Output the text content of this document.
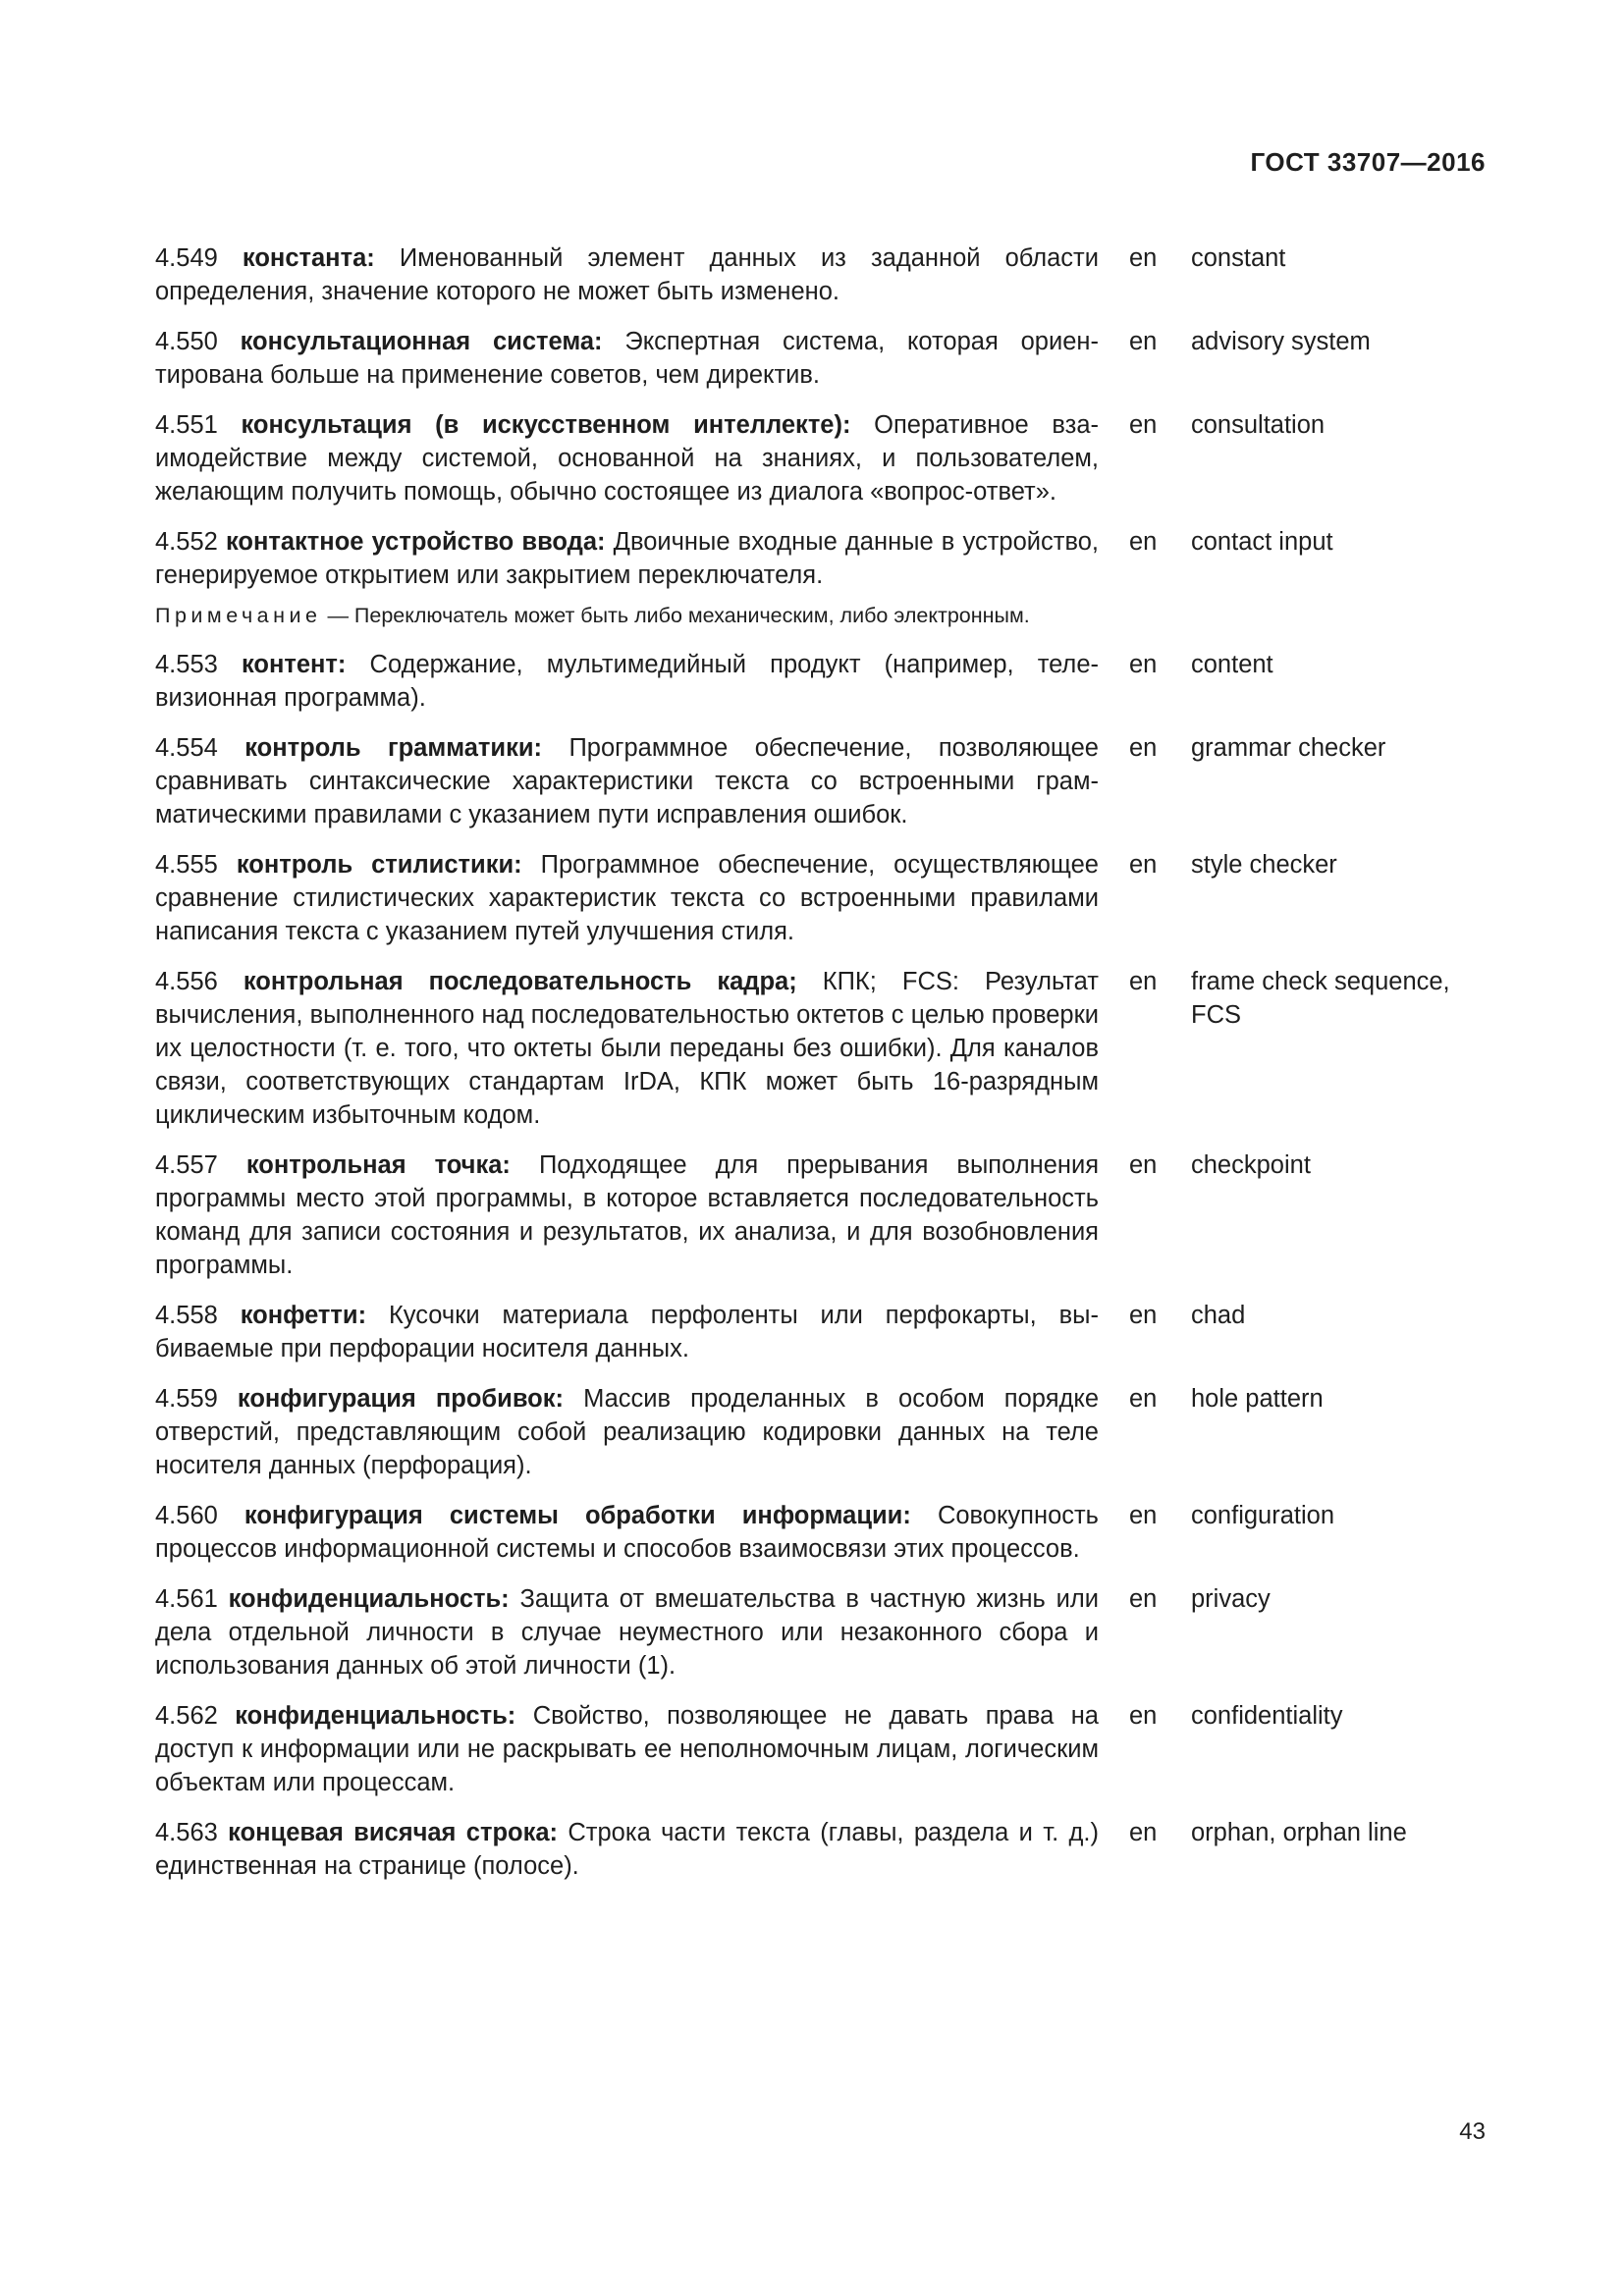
ГОСТ 33707—2016
4.549 константа: Именованный элемент данных из заданной области определения, значение которого не может быть изменено.
en constant
4.550 консультационная система: Экспертная система, которая ориентирована больше на применение советов, чем директив.
en advisory system
4.551 консультация (в искусственном интеллекте): Оперативное взаимодействие между системой, основанной на знаниях, и пользователем, желающим получить помощь, обычно состоящее из диалога «вопрос-ответ».
en consultation
4.552 контактное устройство ввода: Двоичные входные данные в устройство, генерируемое открытием или закрытием переключателя.
en contact input
Примечание — Переключатель может быть либо механическим, либо электронным.
4.553 контент: Содержание, мультимедийный продукт (например, телевизионная программа).
en content
4.554 контроль грамматики: Программное обеспечение, позволяющее сравнивать синтаксические характеристики текста со встроенными грамматическими правилами с указанием пути исправления ошибок.
en grammar checker
4.555 контроль стилистики: Программное обеспечение, осуществляющее сравнение стилистических характеристик текста со встроенными правилами написания текста с указанием путей улучшения стиля.
en style checker
4.556 контрольная последовательность кадра; КПК; FCS: Результат вычисления, выполненного над последовательностью октетов с целью проверки их целостности (т. е. того, что октеты были переданы без ошибки). Для каналов связи, соответствующих стандартам IrDA, КПК может быть 16-разрядным циклическим избыточным кодом.
en frame check sequence, FCS
4.557 контрольная точка: Подходящее для прерывания выполнения программы место этой программы, в которое вставляется последовательность команд для записи состояния и результатов, их анализа, и для возобновления программы.
en checkpoint
4.558 конфетти: Кусочки материала перфоленты или перфокарты, выбиваемые при перфорации носителя данных.
en chad
4.559 конфигурация пробивок: Массив проделанных в особом порядке отверстий, представляющим собой реализацию кодировки данных на теле носителя данных (перфорация).
en hole pattern
4.560 конфигурация системы обработки информации: Совокупность процессов информационной системы и способов взаимосвязи этих процессов.
en configuration
4.561 конфиденциальность: Защита от вмешательства в частную жизнь или дела отдельной личности в случае неуместного или незаконного сбора и использования данных об этой личности (1).
en privacy
4.562 конфиденциальность: Свойство, позволяющее не давать права на доступ к информации или не раскрывать ее неполномочным лицам, логическим объектам или процессам.
en confidentiality
4.563 концевая висячая строка: Строка части текста (главы, раздела и т. д.) единственная на странице (полосе).
en orphan, orphan line
43
